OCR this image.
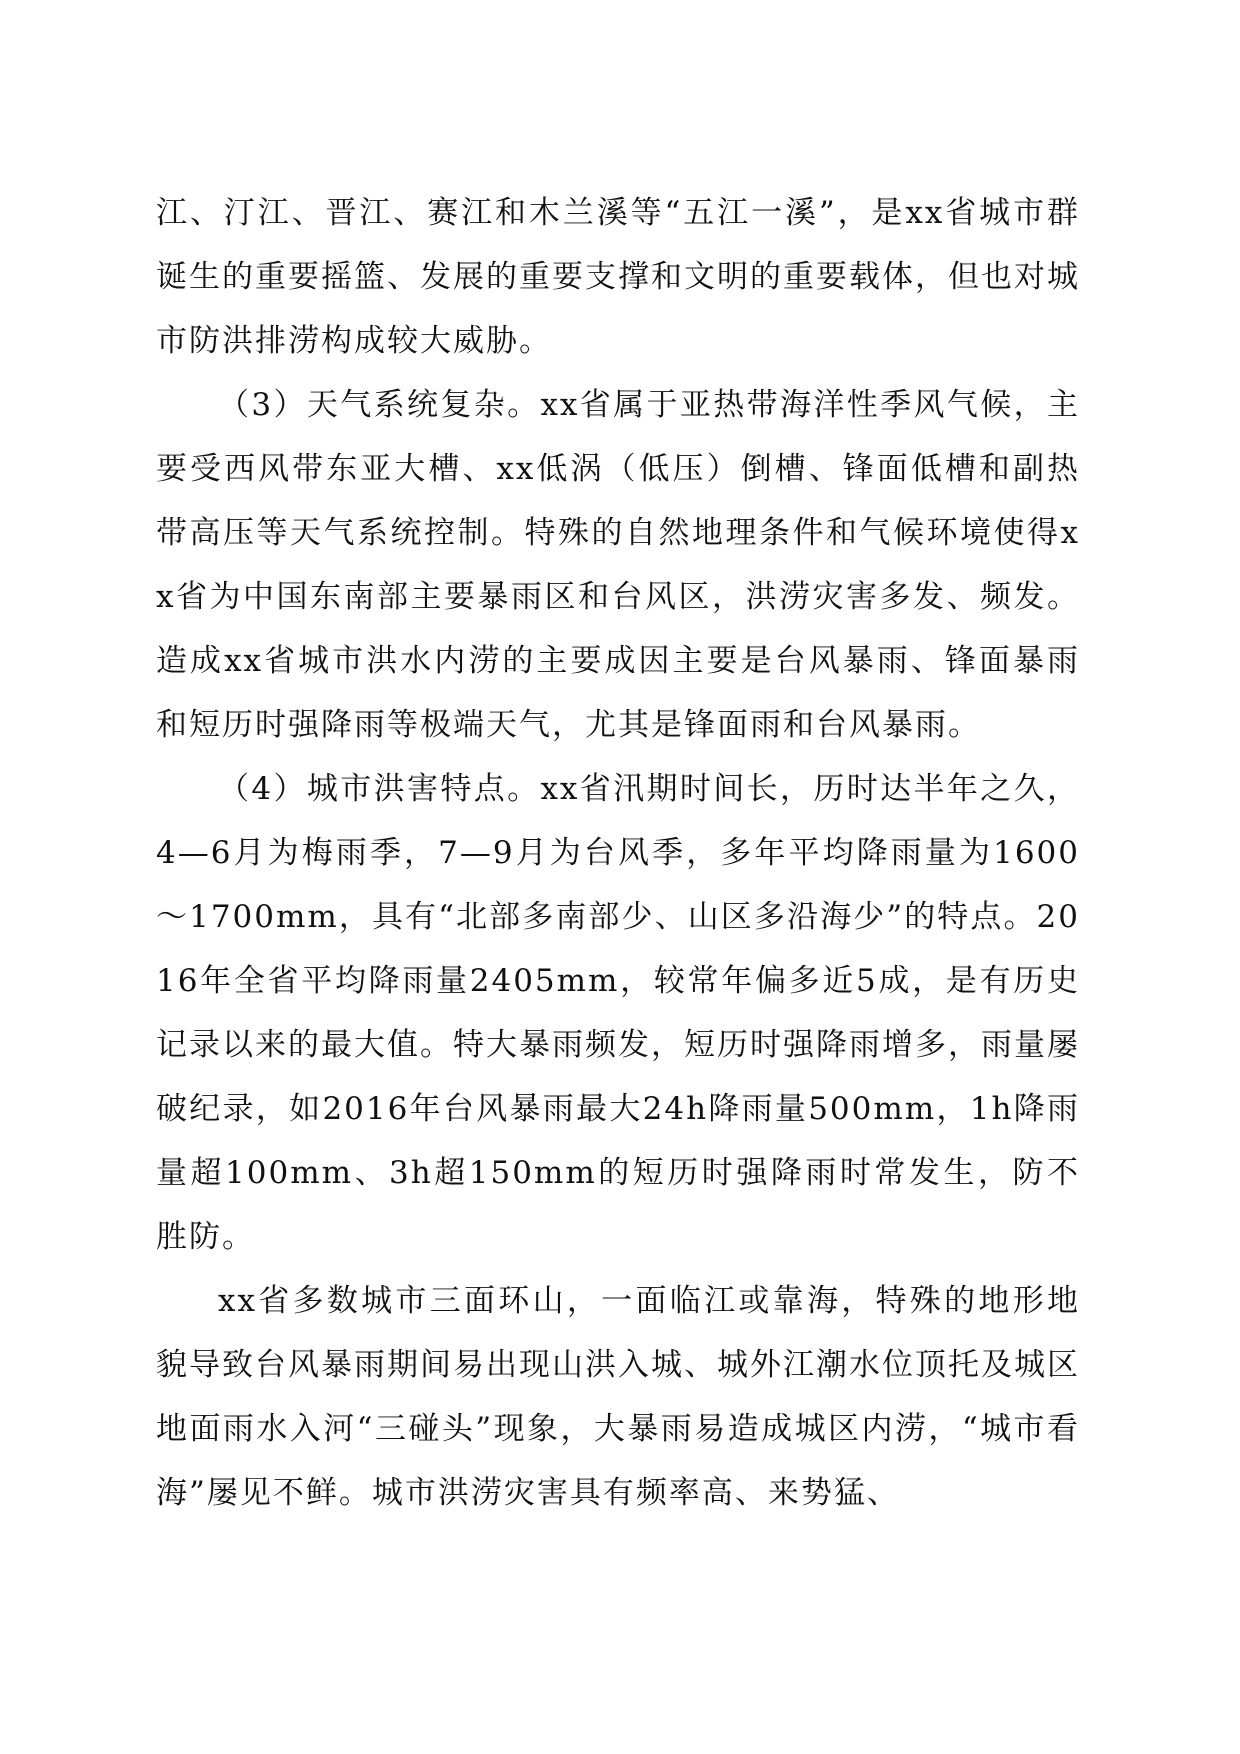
江、汀江、晋江、赛江和木兰溪等“五江一溪”，是xx省城市群诞生的重要摇篮、发展的重要支撑和文明的重要载体，但也对城市防洪排涝构成较大威胁。

（3）天气系统复杂。xx省属于亚热带海洋性季风气候，主要受西风带东亚大槽、xx低涡（低压）倒槽、锋面低槽和副热带高压等天气系统控制。特殊的自然地理条件和气候环境使得xx省为中国东南部主要暴雨区和台风区，洪涝灾害多发、频发。造成xx省城市洪水内涝的主要成因主要是台风暴雨、锋面暴雨和短历时强降雨等极端天气，尤其是锋面雨和台风暴雨。

（4）城市洪害特点。xx省汛期时间长，历时达半年之久，4—6月为梅雨季，7—9月为台风季，多年平均降雨量为1600～1700mm，具有“北部多南部少、山区多沿海少”的特点。2016年全省平均降雨量2405mm，较常年偏多近5成，是有历史记录以来的最大值。特大暴雨频发，短历时强降雨增多，雨量屡破纪录，如2016年台风暴雨最大24h降雨量500mm，1h降雨量超100mm、3h超150mm的短历时强降雨时常发生，防不胜防。

xx省多数城市三面环山，一面临江或靠海，特殊的地形地貌导致台风暴雨期间易出现山洪入城、城外江潮水位顶托及城区地面雨水入河“三碰头”现象，大暴雨易造成城区内涝，“城市看海”屡见不鲜。城市洪涝灾害具有频率高、来势猛、
